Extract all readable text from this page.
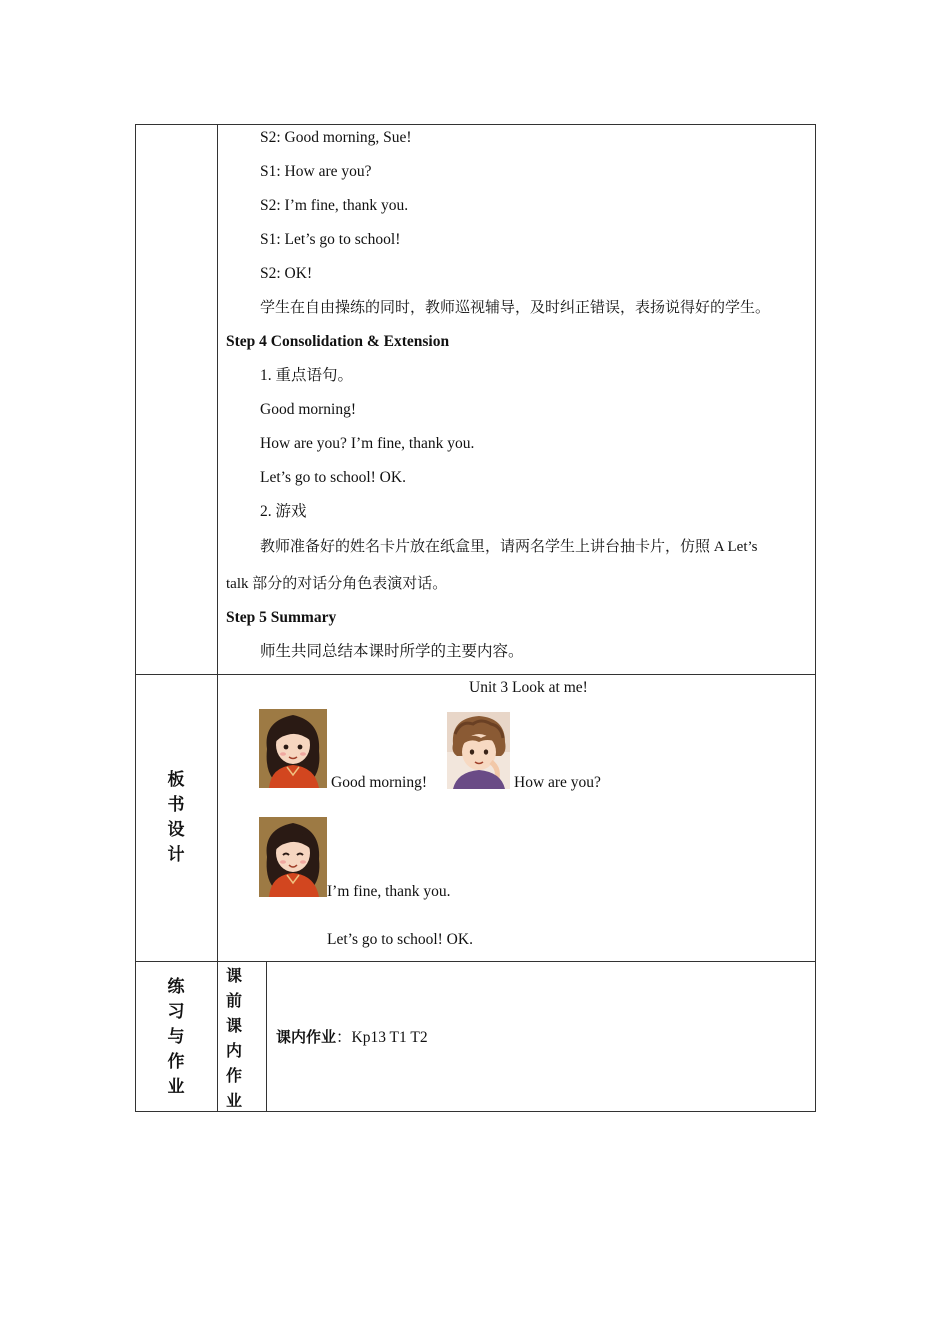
S2: Good morning, Sue!
S1: How are you?
S2: I’m fine, thank you.
S1: Let’s go to school!
S2: OK!
学生在自由操练的同时，教师巡视辅导，及时纠正错误，表扬说得好的学生。
Step 4 Consolidation & Extension
1. 重点语句。
Good morning!
How are you? I’m fine, thank you.
Let’s go to school! OK.
2. 游戏
教师准备好的姓名卡片放在纸盒里，请两名学生上讲台抽卡片，仿照 A Let’s
talk 部分的对话分角色表演对话。
Step 5 Summary
师生共同总结本课时所学的主要内容。
板
书
设
计
Unit 3 Look at me!
Good morning!	How are you?
I’m fine, thank you.
Let’s go to school! OK.
练
习
与
作
业
课
前
课
内
作
业
课内作业：Kp13 T1 T2
